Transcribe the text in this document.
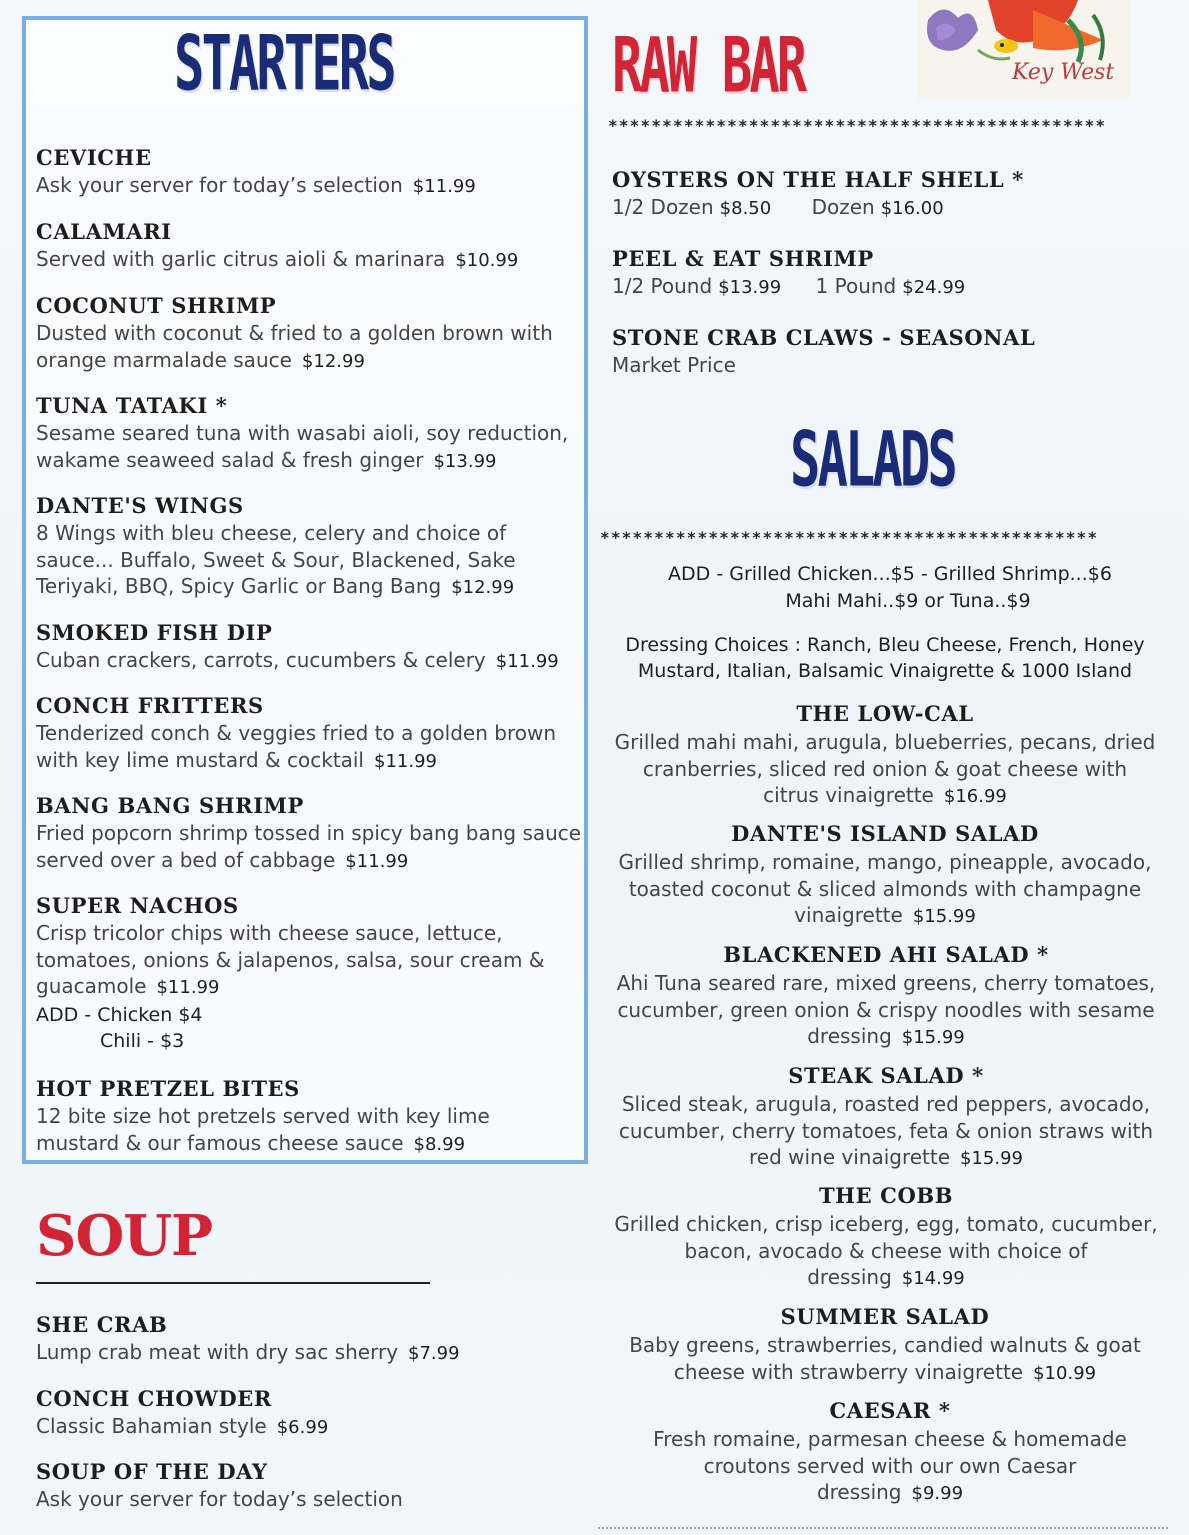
STARTERS
CEVICHE
Ask your server for today’s selection $11.99
CALAMARI
Served with garlic citrus aioli & marinara $10.99
COCONUT SHRIMP
Dusted with coconut & fried to a golden brown with orange marmalade sauce $12.99
TUNA TATAKI *
Sesame seared tuna with wasabi aioli, soy reduction, wakame seaweed salad & fresh ginger $13.99
DANTE'S WINGS
8 Wings with bleu cheese, celery and choice of sauce... Buffalo, Sweet & Sour, Blackened, Sake Teriyaki, BBQ, Spicy Garlic or Bang Bang $12.99
SMOKED FISH DIP
Cuban crackers, carrots, cucumbers & celery $11.99
CONCH FRITTERS
Tenderized conch & veggies fried to a golden brown with key lime mustard & cocktail $11.99
BANG BANG SHRIMP
Fried popcorn shrimp tossed in spicy bang bang sauce served over a bed of cabbage $11.99
SUPER NACHOS
Crisp tricolor chips with cheese sauce, lettuce, tomatoes, onions & jalapenos, salsa, sour cream & guacamole $11.99
ADD - Chicken $4
Chili - $3
HOT PRETZEL BITES
12 bite size hot pretzels served with key lime mustard & our famous cheese sauce $8.99
SOUP
SHE CRAB
Lump crab meat with dry sac sherry $7.99
CONCH CHOWDER
Classic Bahamian style $6.99
SOUP OF THE DAY
Ask your server for today’s selection
RAW BAR	Key West
**********************************************
OYSTERS ON THE HALF SHELL *
1/2 Dozen $8.50 Dozen $16.00
PEEL & EAT SHRIMP
1/2 Pound $13.99 1 Pound $24.99
STONE CRAB CLAWS - SEASONAL
Market Price
SALADS
**********************************************
ADD - Grilled Chicken...$5 - Grilled Shrimp...$6
Mahi Mahi..$9 or Tuna..$9
Dressing Choices : Ranch, Bleu Cheese, French, Honey
Mustard, Italian, Balsamic Vinaigrette & 1000 Island
THE LOW-CAL
Grilled mahi mahi, arugula, blueberries, pecans, dried cranberries, sliced red onion & goat cheese with citrus vinaigrette $16.99
DANTE'S ISLAND SALAD
Grilled shrimp, romaine, mango, pineapple, avocado, toasted coconut & sliced almonds with champagne vinaigrette $15.99
BLACKENED AHI SALAD *
Ahi Tuna seared rare, mixed greens, cherry tomatoes, cucumber, green onion & crispy noodles with sesame dressing $15.99
STEAK SALAD *
Sliced steak, arugula, roasted red peppers, avocado, cucumber, cherry tomatoes, feta & onion straws with red wine vinaigrette $15.99
THE COBB
Grilled chicken, crisp iceberg, egg, tomato, cucumber, bacon, avocado & cheese with choice of dressing $14.99
SUMMER SALAD
Baby greens, strawberries, candied walnuts & goat cheese with strawberry vinaigrette $10.99
CAESAR *
Fresh romaine, parmesan cheese & homemade croutons served with our own Caesar dressing $9.99
